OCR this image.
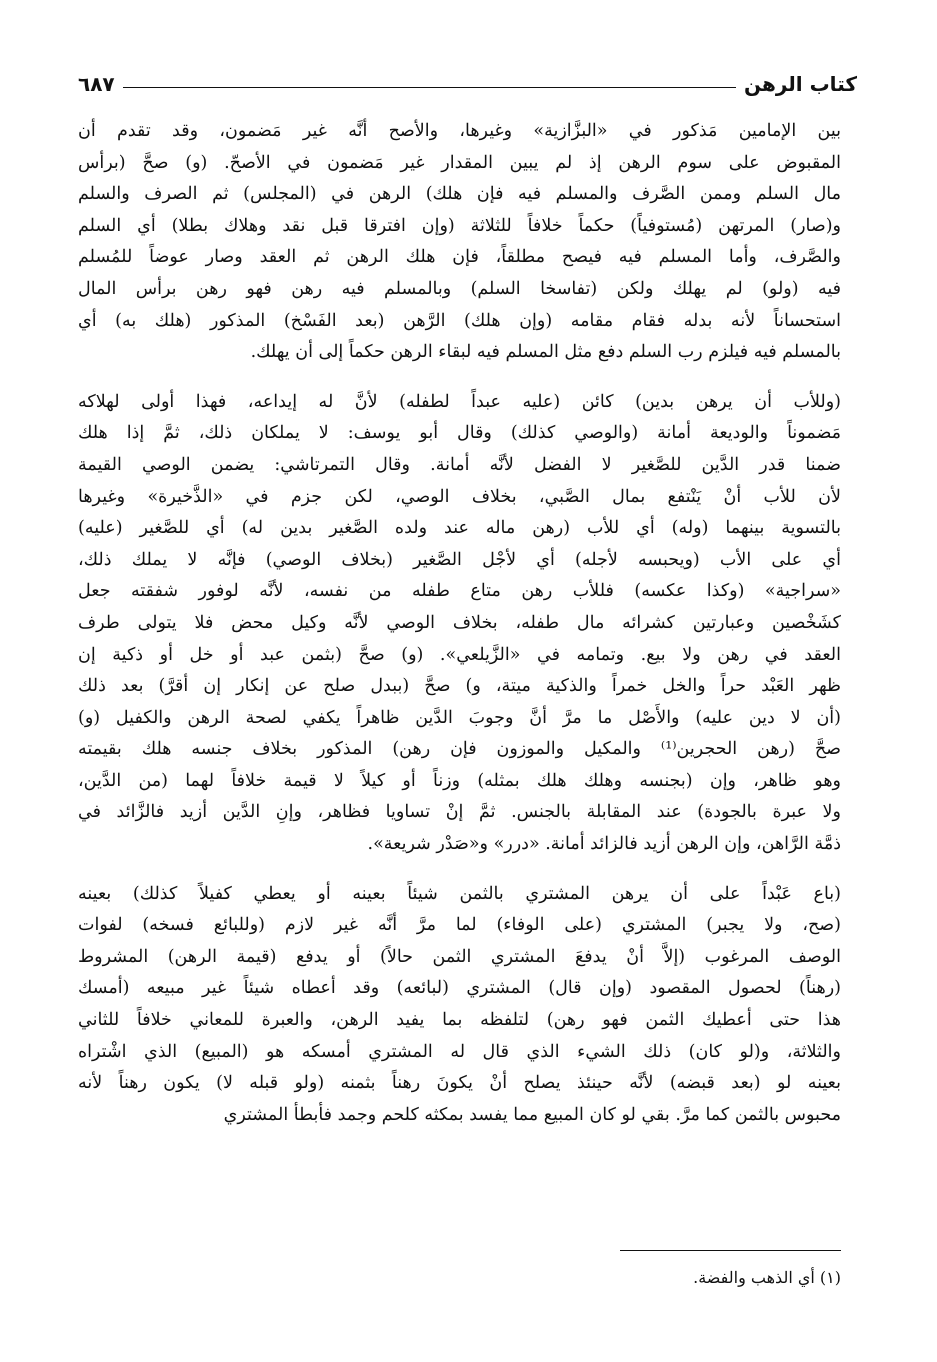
كتاب الرهن
٦٨٧
بين الإمامين مَذكور في «البزَّازية» وغيرها، والأصح أنَّه غير مَضمون، وقد تقدم أن
المقبوض على سوم الرهن إذ لم يبين المقدار غير مَضمون في الأصحّ. (و) صحَّ (برأس
مال السلم وممن الصَّرف والمسلم فيه فإن هلك) الرهن في (المجلس) ثم الصرف والسلم
و(صار) المرتهن (مُستوفياً) حكماً خلافاً للثلاثة (وإن افترقا قبل نقد وهلاك بطلا) أي السلم
والصَّرف، وأما المسلم فيه فيصح مطلقاً، فإن هلك الرهن ثم العقد وصار عوضاً للمُسلم
فيه (ولو) لم يهلك ولكن (تفاسخا السلم) وبالمسلم فيه رهن فهو رهن برأس المال
استحساناً لأنه بدله فقام مقامه (وإن هلك) الرَّهن (بعد الفَسْخ) المذكور (هلك به) أي
بالمسلم فيه فيلزم رب السلم دفع مثل المسلم فيه لبقاء الرهن حكماً إلى أن يهلك.
(وللأب أن يرهن بدين) كائن (عليه عبداً لطفله) لأنَّ له إيداعه، فهذا أولى لهلاكه
مَضموناً والوديعة أمانة (والوصي كذلك) وقال أبو يوسف: لا يملكان ذلك، ثمَّ إذا هلك
ضمنا قدر الدَّين للصَّغير لا الفضل لأنَّه أمانة. وقال التمرتاشي: يضمن الوصي القيمة
لأن للأب أنْ يَنْتفع بمال الصَّبي، بخلاف الوصي، لكن جزم في «الذَّخيرة» وغيرها
بالتسوية بينهما (وله) أي للأب (رهن ماله عند ولده الصَّغير بدين له) أي للصَّغير (عليه)
أي على الأب (ويحبسه لأجله) أي لأجْل الصَّغير (بخلاف الوصي) فإنَّه لا يملك ذلك،
«سراجية» (وكذا عكسه) فللأب رهن متاع طفله من نفسه، لأنَّه لوفور شفقته جعل
كشَخْصين وعبارتين كشرائه مال طفله، بخلاف الوصي لأنَّه وكيل محض فلا يتولى طرف
العقد في رهن ولا بيع. وتمامه في «الزَّيلعي». (و) صحَّ (بثمن عبد أو خل أو ذكية إن
ظهر العَبْد حراً والخل خمراً والذكية ميتة، و) صحَّ (ببدل صلح عن إنكار إن أقرَّ) بعد ذلك
(أن لا دين عليه) والأَصْل ما مرَّ أنَّ وجوبَ الدَّين ظاهراً يكفي لصحة الرهن والكفيل (و)
صحَّ (رهن الحجرين⁽¹⁾ والمكيل والموزون فإن رهن) المذكور بخلاف جنسه هلك بقيمته
وهو ظاهر، وإن (بجنسه وهلك هلك بمثله) وزناً أو كيلاً لا قيمة خلافاً لهما (من الدَّين،
ولا عبرة بالجودة) عند المقابلة بالجنس. ثمَّ إنْ تساويا فظاهر، وإنِ الدَّين أزيد فالزَّائد في
ذمَّة الرَّاهن، وإن الرهن أزيد فالزائد أمانة. «درر» و«صَدْر شريعة».
(باع عَبْداً على أن يرهن المشتري بالثمن شيئاً بعينه أو يعطي كفيلاً كذلك) بعينه
(صح، ولا يجبر) المشتري (على الوفاء) لما مرَّ أنَّه غير لازم (وللبائع فسخه) لفوات
الوصف المرغوب (إلاَّ أنْ يدفعَ المشتري الثمن حالاً) أو يدفع (قيمة الرهن) المشروط
(رهناً) لحصول المقصود (وإن قال) المشتري (لبائعه) وقد أعطاه شيئاً غير مبيعه (أمسك
هذا حتى أعطيك الثمن فهو رهن) لتلفظه بما يفيد الرهن، والعبرة للمعاني خلافاً للثاني
والثلاثة، و(لو كان) ذلك الشيء الذي قال له المشتري أمسكه هو (المبيع) الذي اشْتراه
بعينه لو (بعد قبضه) لأنَّه حينئذ يصلح أنْ يكونَ رهناً بثمنه (ولو قبله لا) يكون رهناً لأنه
محبوس بالثمن كما مرَّ. بقي لو كان المبيع مما يفسد بمكثه كلحم وجمد فأبطأ المشتري
(١) أي الذهب والفضة.
